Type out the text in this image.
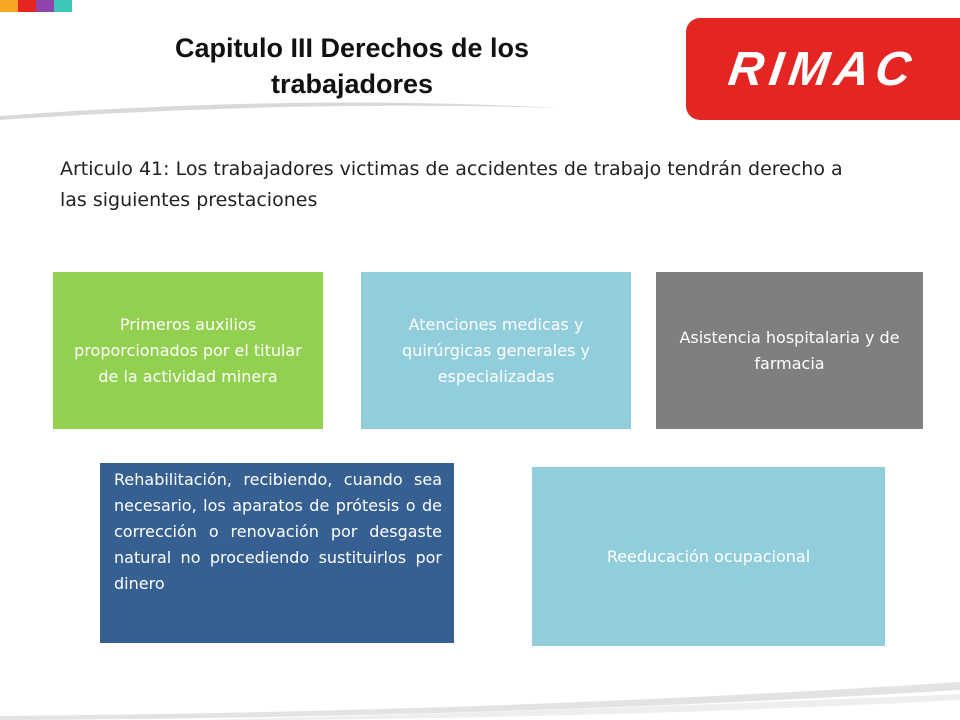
Capitulo III Derechos de los trabajadores	RIMAC
Articulo 41: Los trabajadores victimas de accidentes de trabajo tendrán derecho a las siguientes prestaciones
Primeros auxilios proporcionados por el titular de la actividad minera
Atenciones medicas y quirúrgicas generales y especializadas
Asistencia hospitalaria y de farmacia
Rehabilitación, recibiendo, cuando sea necesario, los aparatos de prótesis o de corrección o renovación por desgaste natural no procediendo sustituirlos por dinero
Reeducación ocupacional
